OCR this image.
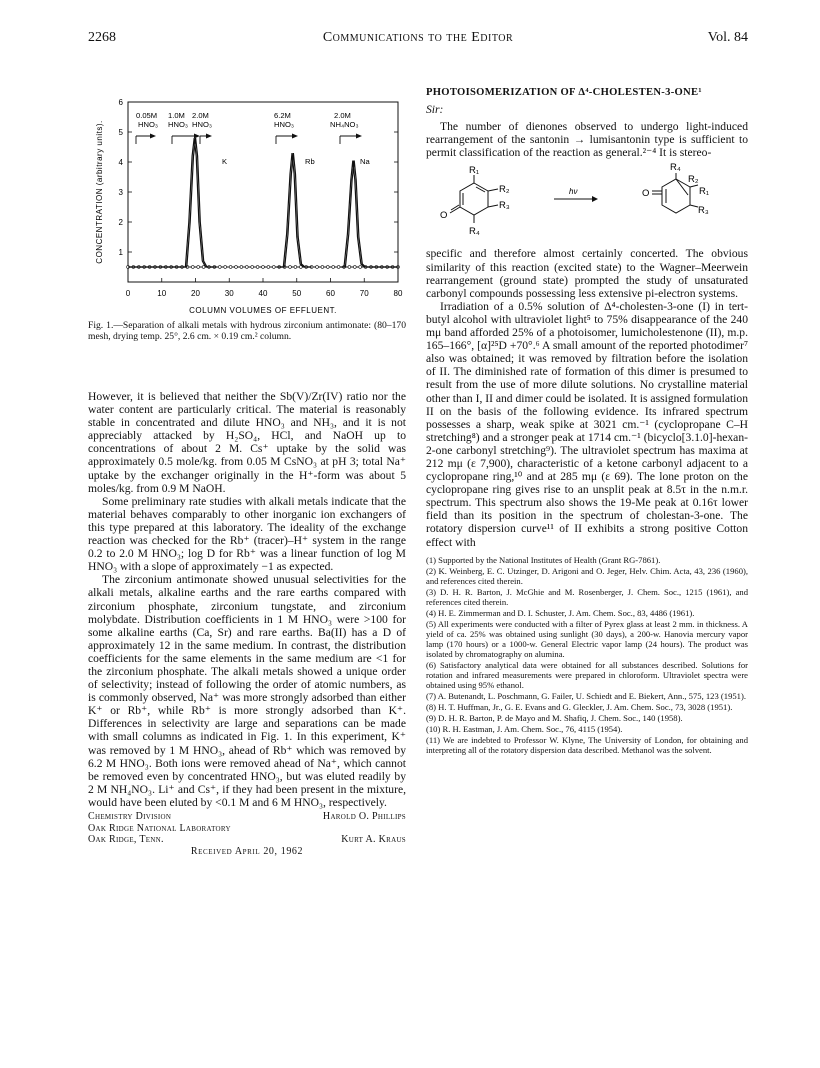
2268	Communications to the Editor	Vol. 84
1
2
3
4
5
6
0	10	20	30	40	50	60	70	80
CONCENTRATION (arbitrary units).
COLUMN VOLUMES OF EFFLUENT.
0.05M
HNO₃
1.0M
HNO₃
2.0M
HNO₃
6.2M
HNO₃
2.0M
NH₄NO₃
K	Rb	Na
Fig. 1.—Separation of alkali metals with hydrous zirconium antimonate: (80–170 mesh, drying temp. 25°, 2.6 cm. × 0.19 cm.² column.

However, it is believed that neither the Sb(V)/Zr(IV) ratio nor the water content are particularly critical. The material is reasonably stable in concentrated and dilute HNO₃ and NH₃, and it is not appreciably attacked by H₂SO₄, HCl, and NaOH up to concentrations of about 2 M. Cs⁺ uptake by the solid was approximately 0.5 mole/kg. from 0.05 M CsNO₃ at pH 3; total Na⁺ uptake by the exchanger originally in the H⁺-form was about 5 moles/kg. from 0.9 M NaOH.

Some preliminary rate studies with alkali metals indicate that the material behaves comparably to other inorganic ion exchangers of this type prepared at this laboratory. The ideality of the exchange reaction was checked for the Rb⁺ (tracer)–H⁺ system in the range 0.2 to 2.0 M HNO₃; log D for Rb⁺ was a linear function of log M HNO₃ with a slope of approximately −1 as expected.

The zirconium antimonate showed unusual selectivities for the alkali metals, alkaline earths and the rare earths compared with zirconium phosphate, zirconium tungstate, and zirconium molybdate. Distribution coefficients in 1 M HNO₃ were >100 for some alkaline earths (Ca, Sr) and rare earths. Ba(II) has a D of approximately 12 in the same medium. In contrast, the distribution coefficients for the same elements in the same medium are <1 for the zirconium phosphate. The alkali metals showed a unique order of selectivity; instead of following the order of atomic numbers, as is commonly observed, Na⁺ was more strongly adsorbed than either K⁺ or Rb⁺, while Rb⁺ is more strongly adsorbed than K⁺. Differences in selectivity are large and separations can be made with small columns as indicated in Fig. 1. In this experiment, K⁺ was removed by 1 M HNO₃, ahead of Rb⁺ which was removed by 6.2 M HNO₃. Both ions were removed ahead of Na⁺, which cannot be removed even by concentrated HNO₃, but was eluted readily by 2 M NH₄NO₃. Li⁺ and Cs⁺, if they had been present in the mixture, would have been eluted by <0.1 M and 6 M HNO₃, respectively.

Chemistry Division	Harold O. Phillips
Oak Ridge National Laboratory
Oak Ridge, Tenn.	Kurt A. Kraus
Received April 20, 1962
PHOTOISOMERIZATION OF Δ⁴-CHOLESTEN-3-ONE¹
Sir:

The number of dienones observed to undergo light-induced rearrangement of the santonin → lumisantonin type is sufficient to permit classification of the reaction as general.²⁻⁴ It is stereo-

R₁
R₂
R₃
R₄
O
hν
R₄
R₂
R₁
R₃
O

specific and therefore almost certainly concerted. The obvious similarity of this reaction (excited state) to the Wagner–Meerwein rearrangement (ground state) prompted the study of unsaturated carbonyl compounds possessing less extensive pi-electron systems.

Irradiation of a 0.5% solution of Δ⁴-cholesten-3-one (I) in tert-butyl alcohol with ultraviolet light⁵ to 75% disappearance of the 240 mμ band afforded 25% of a photoisomer, lumicholestenone (II), m.p. 165–166°, [α]²⁵D +70°.⁶ A small amount of the reported photodimer⁷ also was obtained; it was removed by filtration before the isolation of II. The diminished rate of formation of this dimer is presumed to result from the use of more dilute solutions. No crystalline material other than I, II and dimer could be isolated. It is assigned formulation II on the basis of the following evidence. Its infrared spectrum possesses a sharp, weak spike at 3021 cm.⁻¹ (cyclopropane C–H stretching⁸) and a stronger peak at 1714 cm.⁻¹ (bicyclo[3.1.0]-hexan-2-one carbonyl stretching⁹). The ultraviolet spectrum has maxima at 212 mμ (ε 7,900), characteristic of a ketone carbonyl adjacent to a cyclopropane ring,¹⁰ and at 285 mμ (ε 69). The lone proton on the cyclopropane ring gives rise to an unsplit peak at 8.5τ in the n.m.r. spectrum. This spectrum also shows the 19-Me peak at 0.16τ lower field than its position in the spectrum of cholestan-3-one. The rotatory dispersion curve¹¹ of II exhibits a strong positive Cotton effect with

(1) Supported by the National Institutes of Health (Grant RG-7861).
(2) K. Weinberg, E. C. Utzinger, D. Arigoni and O. Jeger, Helv. Chim. Acta, 43, 236 (1960), and references cited therein.
(3) D. H. R. Barton, J. McGhie and M. Rosenberger, J. Chem. Soc., 1215 (1961), and references cited therein.
(4) H. E. Zimmerman and D. I. Schuster, J. Am. Chem. Soc., 83, 4486 (1961).
(5) All experiments were conducted with a filter of Pyrex glass at least 2 mm. in thickness. A yield of ca. 25% was obtained using sunlight (30 days), a 200-w. Hanovia mercury vapor lamp (170 hours) or a 1000-w. General Electric vapor lamp (24 hours). The product was isolated by chromatography on alumina.
(6) Satisfactory analytical data were obtained for all substances described. Solutions for rotation and infrared measurements were prepared in chloroform. Ultraviolet spectra were obtained using 95% ethanol.
(7) A. Butenandt, L. Poschmann, G. Failer, U. Schiedt and E. Biekert, Ann., 575, 123 (1951).
(8) H. T. Huffman, Jr., G. E. Evans and G. Gleckler, J. Am. Chem. Soc., 73, 3028 (1951).
(9) D. H. R. Barton, P. de Mayo and M. Shafiq, J. Chem. Soc., 140 (1958).
(10) R. H. Eastman, J. Am. Chem. Soc., 76, 4115 (1954).
(11) We are indebted to Professor W. Klyne, The University of London, for obtaining and interpreting all of the rotatory dispersion data described. Methanol was the solvent.
